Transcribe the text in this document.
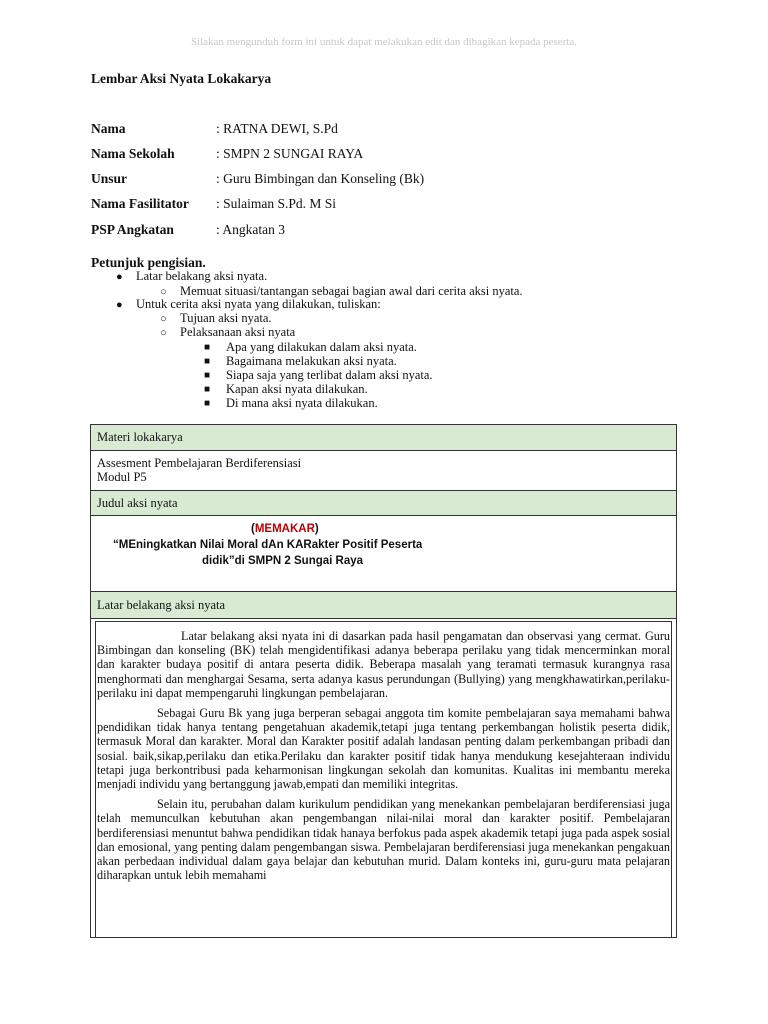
Silakan mengunduh form ini untuk dapat melakukan edit dan dibagikan kepada peserta.
Lembar Aksi Nyata Lokakarya
Nama	: RATNA DEWI, S.Pd
Nama Sekolah	: SMPN 2 SUNGAI RAYA
Unsur	: Guru Bimbingan dan Konseling (Bk)
Nama Fasilitator	: Sulaiman S.Pd. M Si
PSP Angkatan	: Angkatan 3
Petunjuk pengisian.
●	Latar belakang aksi nyata.
○	Memuat situasi/tantangan sebagai bagian awal dari cerita aksi nyata.
●	Untuk cerita aksi nyata yang dilakukan, tuliskan:
○	Tujuan aksi nyata.
○	Pelaksanaan aksi nyata
■	Apa yang dilakukan dalam aksi nyata.
■	Bagaimana melakukan aksi nyata.
■	Siapa saja yang terlibat dalam aksi nyata.
■	Kapan aksi nyata dilakukan.
■	Di mana aksi nyata dilakukan.
Materi lokakarya
Assesment Pembelajaran Berdiferensiasi
Modul P5
Judul aksi nyata
(MEMAKAR)
“MEningkatkan Nilai Moral dAn KARakter Positif Peserta
didik”di SMPN 2 Sungai Raya
Latar belakang aksi nyata

Latar belakang aksi nyata ini di dasarkan pada hasil pengamatan dan observasi yang cermat. Guru Bimbingan dan konseling (BK) telah mengidentifikasi adanya beberapa perilaku yang tidak mencerminkan moral dan karakter budaya positif di antara peserta didik. Beberapa masalah yang teramati termasuk kurangnya rasa menghormati dan menghargai Sesama, serta adanya kasus perundungan (Bullying) yang mengkhawatirkan,perilaku-perilaku ini dapat mempengaruhi lingkungan pembelajaran.

Sebagai Guru Bk yang juga berperan sebagai anggota tim komite pembelajaran saya memahami bahwa pendidikan tidak hanya tentang pengetahuan akademik,tetapi juga tentang perkembangan holistik peserta didik, termasuk Moral dan karakter. Moral dan Karakter positif adalah landasan penting dalam perkembangan pribadi dan sosial. baik,sikap,perilaku dan etika.Perilaku dan karakter positif tidak hanya mendukung kesejahteraan individu tetapi juga berkontribusi pada keharmonisan lingkungan sekolah dan komunitas. Kualitas ini membantu mereka menjadi individu yang bertanggung jawab,empati dan memiliki integritas.

Selain itu, perubahan dalam kurikulum pendidikan yang menekankan pembelajaran berdiferensiasi juga telah memunculkan kebutuhan akan pengembangan nilai-nilai moral dan karakter positif. Pembelajaran berdiferensiasi menuntut bahwa pendidikan tidak hanaya berfokus pada aspek akademik tetapi juga pada aspek sosial dan emosional, yang penting dalam pengembangan siswa. Pembelajaran berdiferensiasi juga menekankan pengakuan akan perbedaan individual dalam gaya belajar dan kebutuhan murid. Dalam konteks ini, guru-guru mata pelajaran diharapkan untuk lebih memahami
